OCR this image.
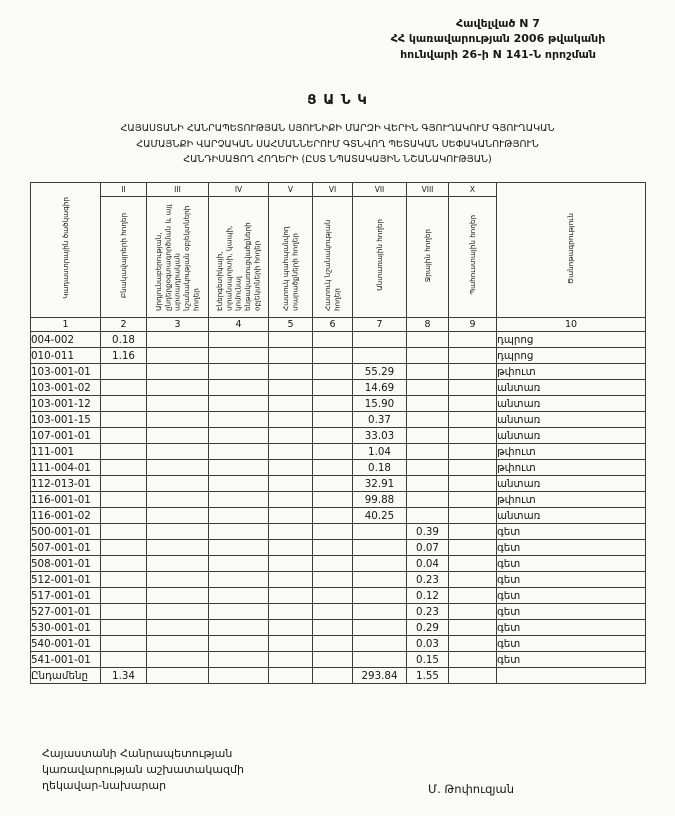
Հավելված N 7
ՀՀ կառավարության 2006 թվականի
հունվարի 26-ի N 141-Ն որոշման
Ց Ա Ն Կ
ՀԱՅԱՍՏԱՆԻ ՀԱՆՐԱՊԵՏՈՒԹՅԱՆ ՍՅՈՒՆԻՔԻ ՄԱՐԶԻ ՎԵՐԻՆ ԳՅՈՒՂԱԿՈՒՄ ԳՅՈՒՂԱԿԱՆ
ՀԱՄԱՅՆՔԻ ՎԱՐՉԱԿԱՆ ՍԱՀՄԱՆՆԵՐՈՒՄ ԳՏՆՎՈՂ ՊԵՏԱԿԱՆ ՍԵՓԱԿԱՆՈՒԹՅՈՒՆ
ՀԱՆԴԻՍԱՑՈՂ ՀՈՂԵՐԻ (ԸՍՏ ՆՊԱՏԱԿԱՅԻՆ ՆՇԱՆԱԿՈՒԹՅԱՆ)
Կադաստրային ծածկագիր	II	III	IV	V	VI	VII	VIII	X	Ծանոթագրություն
	Բնակավայրերի հողեր	Արդյունաբերության, ընդերքօգտագործման և այլ արտադրական նշանակության օբյեկտների հողեր	Էներգետիկայի, տրանսպորտի, կապի, կոմունալ ենթակառուցվածքների օբյեկտների հողեր	Հատուկ պահպանվող տարածքների հողեր	Հատուկ նշանակության հողեր	Անտառային հողեր	Ջրային հողեր	Պահուստային հողեր	
1	2	3	4	5	6	7	8	9	10
004-002	0.18								դպրոց
010-011	1.16								դպրոց
103-001-01						55.29			թփուտ
103-001-02						14.69			անտառ
103-001-12						15.90			անտառ
103-001-15						0.37			անտառ
107-001-01						33.03			անտառ
111-001						1.04			թփուտ
111-004-01						0.18			թփուտ
112-013-01						32.91			անտառ
116-001-01						99.88			թփուտ
116-001-02						40.25			անտառ
500-001-01							0.39		գետ
507-001-01							0.07		գետ
508-001-01							0.04		գետ
512-001-01							0.23		գետ
517-001-01							0.12		գետ
527-001-01							0.23		գետ
530-001-01							0.29		գետ
540-001-01							0.03		գետ
541-001-01							0.15		գետ
Ընդամենը	1.34					293.84	1.55		
Հայաստանի Հանրապետության
կառավարության աշխատակազմի
ղեկավար-նախարար	Մ. Թոփուզյան
